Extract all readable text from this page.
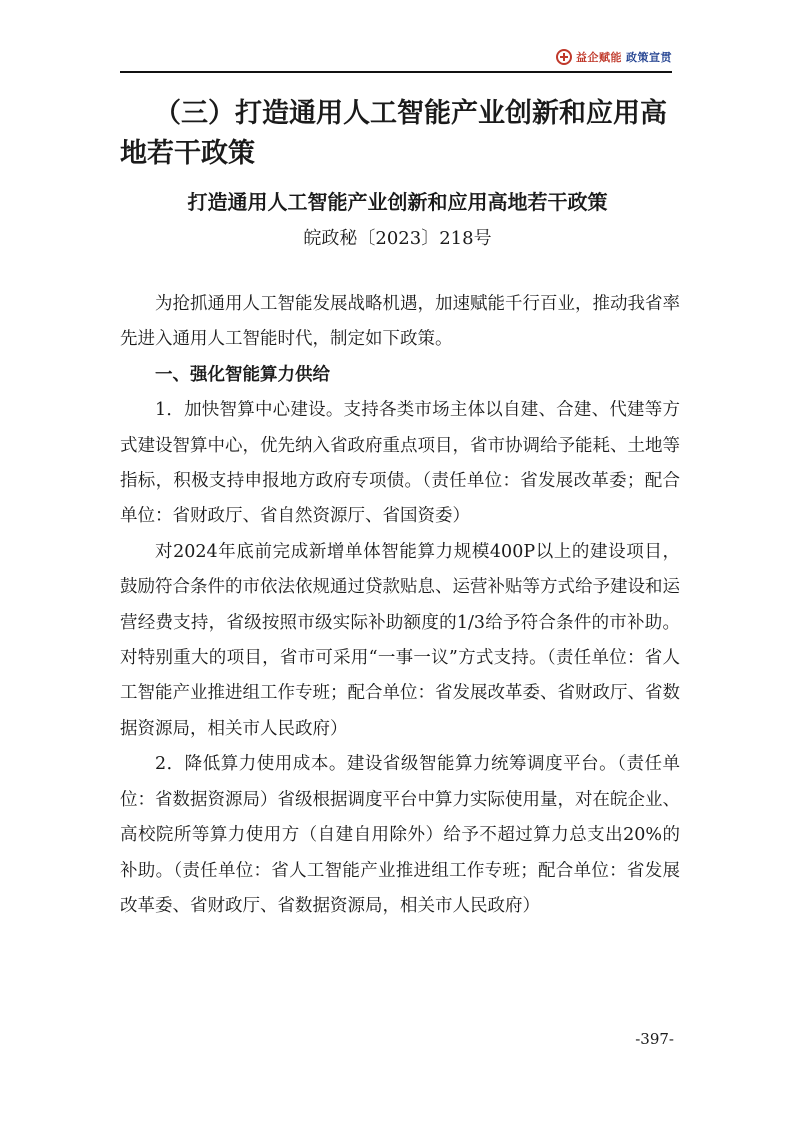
益企赋能 政策宣贯
（三）打造通用人工智能产业创新和应用高地若干政策
打造通用人工智能产业创新和应用高地若干政策
皖政秘〔2023〕218号

为抢抓通用人工智能发展战略机遇，加速赋能千行百业，推动我省率先进入通用人工智能时代，制定如下政策。

一、强化智能算力供给

1．加快智算中心建设。支持各类市场主体以自建、合建、代建等方式建设智算中心，优先纳入省政府重点项目，省市协调给予能耗、土地等指标，积极支持申报地方政府专项债。（责任单位：省发展改革委；配合单位：省财政厅、省自然资源厅、省国资委）

对2024年底前完成新增单体智能算力规模400P以上的建设项目，鼓励符合条件的市依法依规通过贷款贴息、运营补贴等方式给予建设和运营经费支持，省级按照市级实际补助额度的1/3给予符合条件的市补助。对特别重大的项目，省市可采用“一事一议”方式支持。（责任单位：省人工智能产业推进组工作专班；配合单位：省发展改革委、省财政厅、省数据资源局，相关市人民政府）

2．降低算力使用成本。建设省级智能算力统筹调度平台。（责任单位：省数据资源局）省级根据调度平台中算力实际使用量，对在皖企业、高校院所等算力使用方（自建自用除外）给予不超过算力总支出20%的补助。（责任单位：省人工智能产业推进组工作专班；配合单位：省发展改革委、省财政厅、省数据资源局，相关市人民政府）

-397-
